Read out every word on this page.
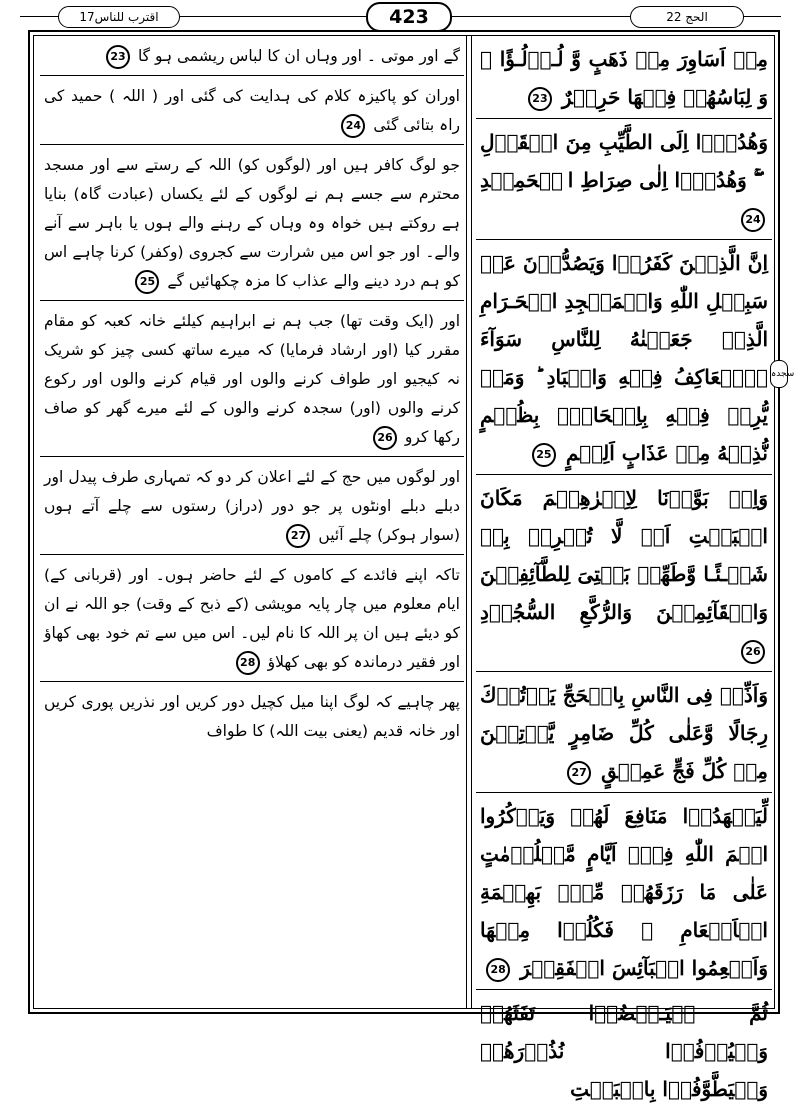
اقترب للناس17	423	الحج 22
مِنۡ اَسَاوِرَ مِنۡ ذَهَبٍ وَّ لُـؤۡلُـؤًا ۚ وَ لِبَاسُهُمۡ فِيۡهَا حَرِيۡرٌ 23
وَهُدُوۡۤا اِلَى الطَّيِّبِ مِنَ الۡقَوۡلِ ۖۚ وَهُدُوۡۤا اِلٰى صِرَاطِ الۡحَمِيۡدِ 24
اِنَّ الَّذِيۡنَ كَفَرُوۡا وَيَصُدُّوۡنَ عَنۡ سَبِيۡلِ اللّٰهِ وَالۡمَسۡجِدِ الۡحَـرَامِ الَّذِىۡ جَعَلۡنٰهُ لِلنَّاسِ سَوَآءَ اۨلۡعَاكِفُ فِيۡهِ وَالۡبَادِ ؕ وَمَنۡ يُّرِدۡ فِيۡهِ بِاِلۡحَادٍۢ بِظُلۡمٍ نُّذِقۡهُ مِنۡ عَذَابٍ اَلِيۡمٍ 25
وَاِذۡ بَوَّاۡنَا لِاِبۡرٰهِيۡمَ مَكَانَ الۡبَيۡتِ اَنۡ لَّا تُشۡرِكۡ بِىۡ شَيۡـئًـا وَّطَهِّرۡ بَيۡتِىَ لِلطَّآئِفِيۡنَ وَالۡقَآئِمِيۡنَ وَالرُّكَّعِ السُّجُوۡدِ 26
وَاَذِّنۡ فِى النَّاسِ بِالۡحَجِّ يَاۡتُوۡكَ رِجَالًا وَّعَلٰى كُلِّ ضَامِرٍ يَّاۡتِيۡنَ مِنۡ كُلِّ فَجٍّ عَمِيۡقٍ 27
لِّيَشۡهَدُوۡا مَنَافِعَ لَهُمۡ وَيَذۡكُرُوا اسۡمَ اللّٰهِ فِىۡۤ اَيَّامٍ مَّعۡلُوۡمٰتٍ عَلٰى مَا رَزَقَهُمۡ مِّنۡۢ بَهِيۡمَةِ الۡاَنۡعَامِ ۚ فَكُلُوۡا مِنۡهَا وَاَطۡعِمُوا الۡبَآئِسَ الۡفَقِيۡرَ 28
ثُمَّ لۡيَـقۡضُوۡا تَفَثَهُمۡ وَلۡيُوۡفُوۡا نُذُوۡرَهُمۡ وَلۡيَطَّوَّفُوۡا بِالۡبَيۡتِ
گے اور موتی ۔ اور وہاں ان کا لباس ریشمی ہو گا 23
اوران کو پاکیزہ کلام کی ہدایت کی گئی اور ( اللہ ) حمید کی راہ بتائی گئی 24
جو لوگ کافر ہیں اور (لوگوں کو) اللہ کے رستے سے اور مسجد محترم سے جسے ہم نے لوگوں کے لئے یکساں (عبادت گاہ) بنایا ہے روکتے ہیں خواہ وہ وہاں کے رہنے والے ہوں یا باہر سے آنے والے۔ اور جو اس میں شرارت سے کجروی (وکفر) کرنا چاہے اس کو ہم درد دینے والے عذاب کا مزہ چکھائیں گے 25
اور (ایک وقت تھا) جب ہم نے ابراہیم کیلئے خانہ کعبہ کو مقام مقرر کیا (اور ارشاد فرمایا) کہ میرے ساتھ کسی چیز کو شریک نہ کیجیو اور طواف کرنے والوں اور قیام کرنے والوں اور رکوع کرنے والوں (اور) سجدہ کرنے والوں کے لئے میرے گھر کو صاف رکھا کرو 26
اور لوگوں میں حج کے لئے اعلان کر دو کہ تمہاری طرف پیدل اور دبلے دبلے اونٹوں پر جو دور (دراز) رستوں سے چلے آتے ہوں (سوار ہوکر) چلے آئیں 27
تاکہ اپنے فائدے کے کاموں کے لئے حاضر ہوں۔ اور (قربانی کے) ایام معلوم میں چار پایہ مویشی (کے ذبح کے وقت) جو اللہ نے ان کو دیئے ہیں ان پر اللہ کا نام لیں۔ اس میں سے تم خود بھی کھاؤ اور فقیر درماندہ کو بھی کھلاؤ 28
پھر چاہیے کہ لوگ اپنا میل کچیل دور کریں اور نذریں پوری کریں اور خانہ قدیم (یعنی بیت اللہ) کا طواف
سجدہ
